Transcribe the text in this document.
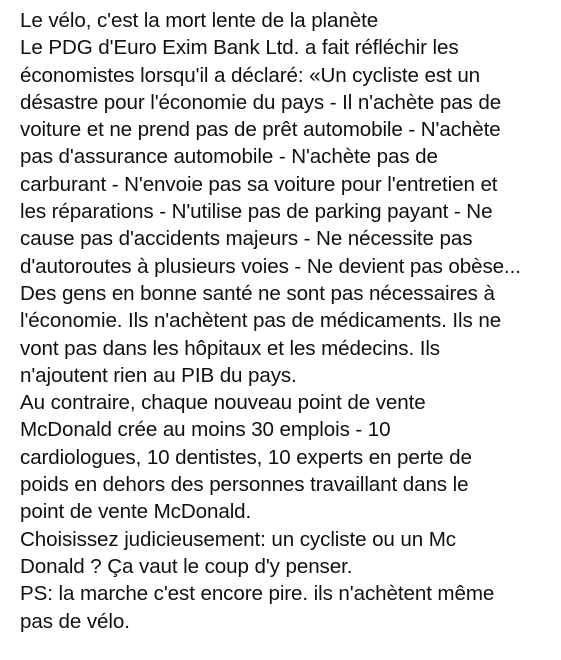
Le vélo, c'est la mort lente de la planète
Le PDG d'Euro Exim Bank Ltd. a fait réfléchir les
économistes lorsqu'il a déclaré: «Un cycliste est un
désastre pour l'économie du pays - Il n'achète pas de
voiture et ne prend pas de prêt automobile - N'achète
pas d'assurance automobile - N'achète pas de
carburant - N'envoie pas sa voiture pour l'entretien et
les réparations - N'utilise pas de parking payant - Ne
cause pas d'accidents majeurs - Ne nécessite pas
d'autoroutes à plusieurs voies - Ne devient pas obèse...
Des gens en bonne santé ne sont pas nécessaires à
l'économie. Ils n'achètent pas de médicaments. Ils ne
vont pas dans les hôpitaux et les médecins. Ils
n'ajoutent rien au PIB du pays.
Au contraire, chaque nouveau point de vente
McDonald crée au moins 30 emplois - 10
cardiologues, 10 dentistes, 10 experts en perte de
poids en dehors des personnes travaillant dans le
point de vente McDonald.
Choisissez judicieusement: un cycliste ou un Mc
Donald ? Ça vaut le coup d'y penser.
PS: la marche c'est encore pire. ils n'achètent même
pas de vélo.
